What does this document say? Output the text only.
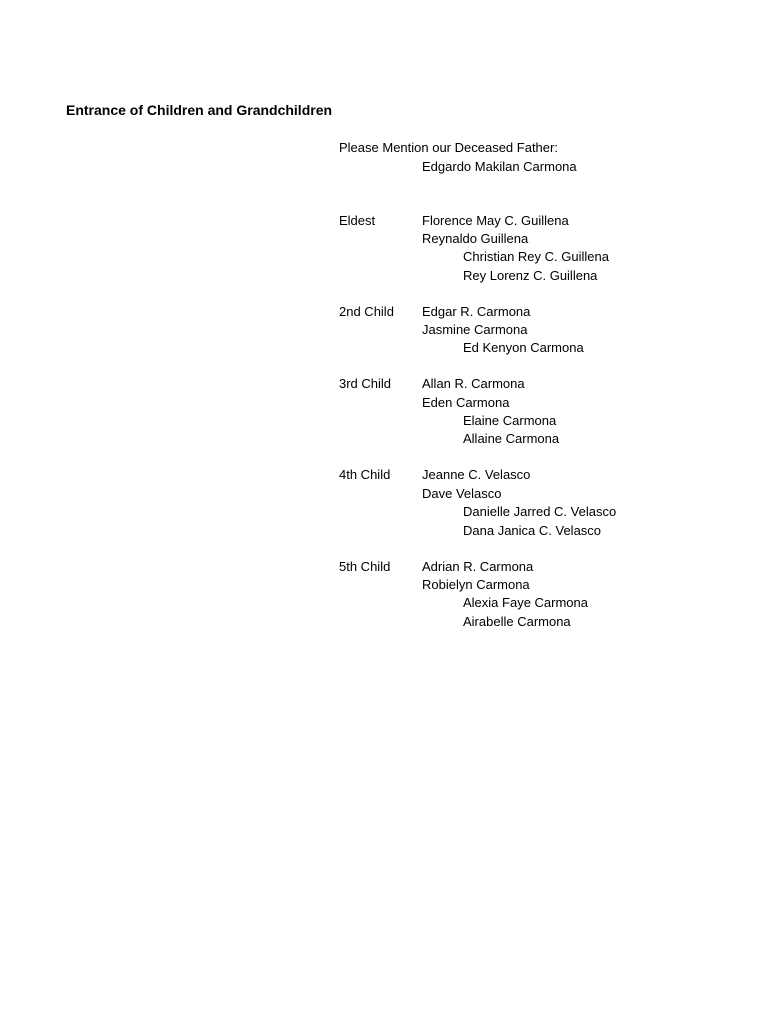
Entrance of Children and Grandchildren
Please Mention our Deceased Father:
Edgardo Makilan Carmona
Eldest	Florence May C. Guillena
Reynaldo Guillena
Christian Rey C. Guillena
Rey Lorenz C. Guillena
2nd Child Edgar R. Carmona
Jasmine Carmona
Ed Kenyon Carmona
3rd Child Allan R. Carmona
Eden Carmona
Elaine Carmona
Allaine Carmona
4th Child Jeanne C. Velasco
Dave Velasco
Danielle Jarred C. Velasco
Dana Janica C. Velasco
5th Child Adrian R. Carmona
Robielyn Carmona
Alexia Faye Carmona
Airabelle Carmona
